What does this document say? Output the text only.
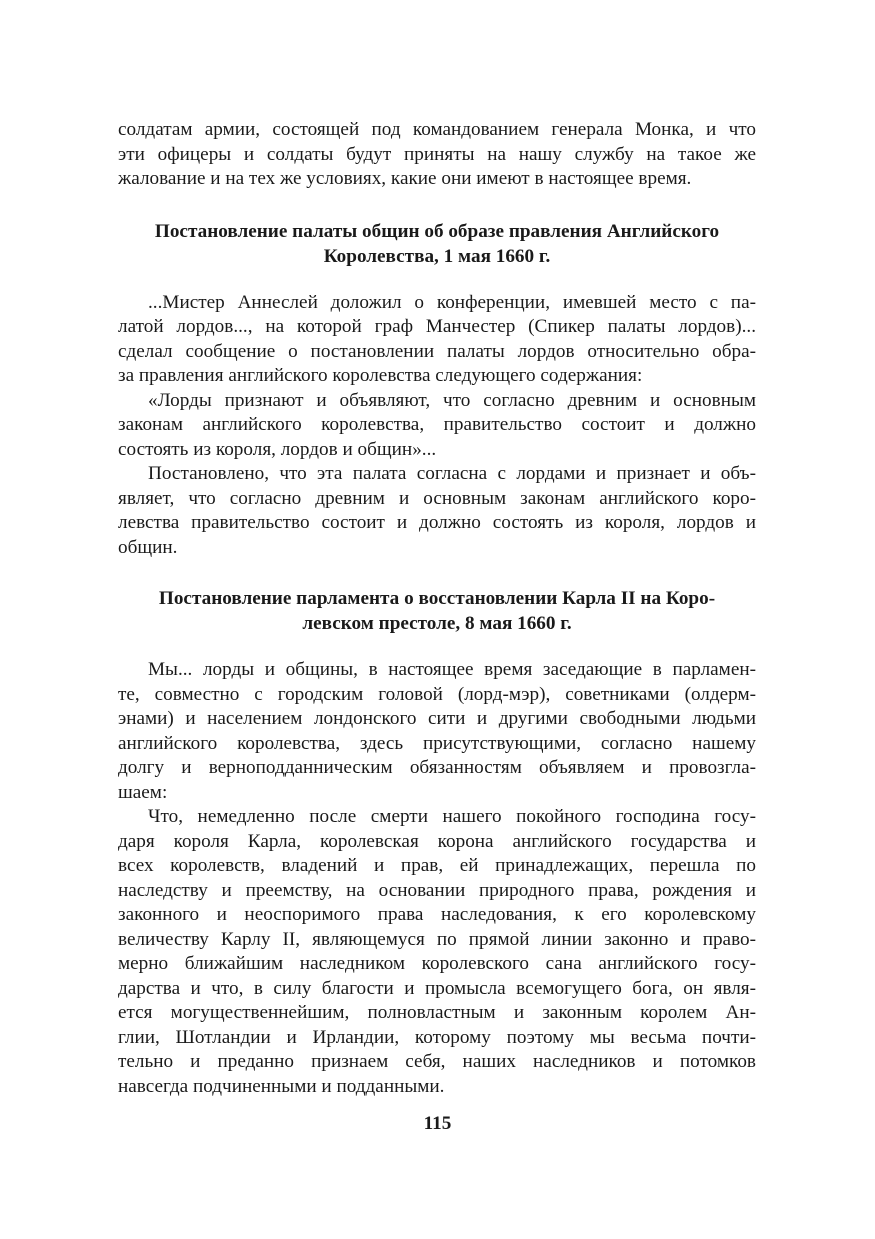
солдатам армии, состоящей под командованием генерала Монка, и что
эти офицеры и солдаты будут приняты на нашу службу на такое же
жалование и на тех же условиях, какие они имеют в настоящее время.
Постановление палаты общин об образе правления Английского
Королевства, 1 мая 1660 г.
...Мистер Аннеслей доложил о конференции, имевшей место с па-
латой лордов..., на которой граф Манчестер (Спикер палаты лордов)...
сделал сообщение о постановлении палаты лордов относительно обра-
за правления английского королевства следующего содержания:
«Лорды признают и объявляют, что согласно древним и основным
законам английского королевства, правительство состоит и должно
состоять из короля, лордов и общин»...
Постановлено, что эта палата согласна с лордами и признает и объ-
являет, что согласно древним и основным законам английского коро-
левства правительство состоит и должно состоять из короля, лордов и
общин.
Постановление парламента о восстановлении Карла II на Коро-
левском престоле, 8 мая 1660 г.
Мы... лорды и общины, в настоящее время заседающие в парламен-
те, совместно с городским головой (лорд-мэр), советниками (олдерм-
энами) и населением лондонского сити и другими свободными людьми
английского королевства, здесь присутствующими, согласно нашему
долгу и верноподданническим обязанностям объявляем и провозгла-
шаем:
Что, немедленно после смерти нашего покойного господина госу-
даря короля Карла, королевская корона английского государства и
всех королевств, владений и прав, ей принадлежащих, перешла по
наследству и преемству, на основании природного права, рождения и
законного и неоспоримого права наследования, к его королевскому
величеству Карлу II, являющемуся по прямой линии законно и право-
мерно ближайшим наследником королевского сана английского госу-
дарства и что, в силу благости и промысла всемогущего бога, он явля-
ется могущественнейшим, полновластным и законным королем Ан-
глии, Шотландии и Ирландии, которому поэтому мы весьма почти-
тельно и преданно признаем себя, наших наследников и потомков
навсегда подчиненными и подданными.
115
